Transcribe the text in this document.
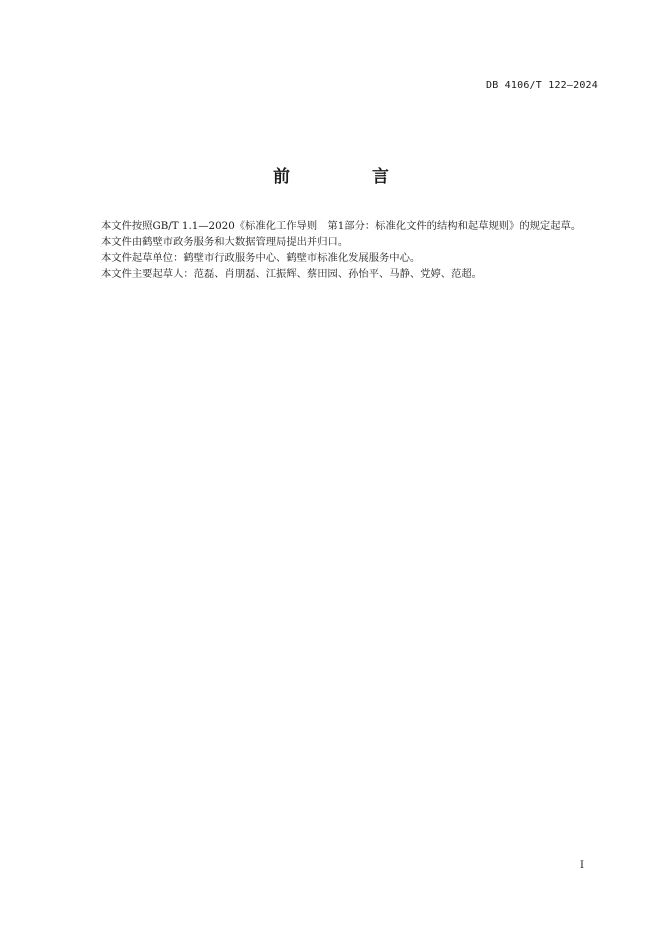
DB 4106/T 122—2024
前 言

本文件按照GB/T 1.1—2020《标准化工作导则　第1部分：标准化文件的结构和起草规则》的规定起草。

本文件由鹤壁市政务服务和大数据管理局提出并归口。

本文件起草单位：鹤壁市行政服务中心、鹤壁市标准化发展服务中心。

本文件主要起草人：范磊、肖朋磊、江振辉、蔡田园、孙怡平、马静、党婷、范超。

I
